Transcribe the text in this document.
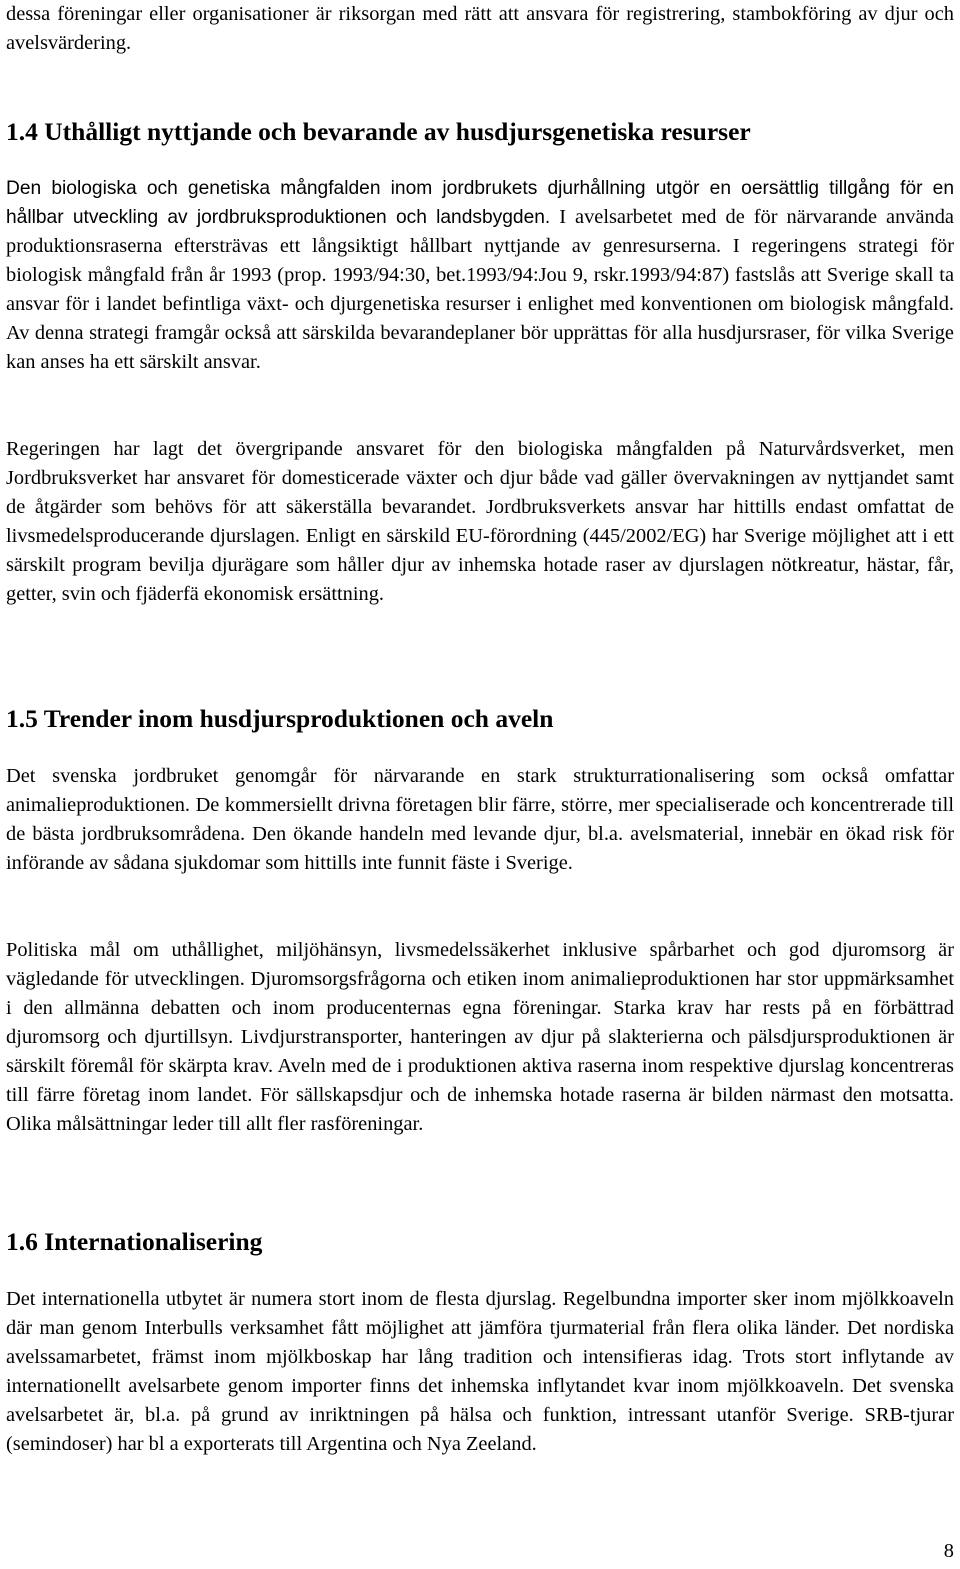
dessa föreningar eller organisationer är riksorgan med rätt att ansvara för registrering, stambokföring av djur och avelsvärdering.

1.4 Uthålligt nyttjande och bevarande av husdjursgenetiska resurser

Den biologiska och genetiska mångfalden inom jordbrukets djurhållning utgör en oersättlig tillgång för en hållbar utveckling av jordbruksproduktionen och landsbygden. I avelsarbetet med de för närvarande använda produktionsraserna eftersträvas ett långsiktigt hållbart nyttjande av genresurserna. I regeringens strategi för biologisk mångfald från år 1993 (prop. 1993/94:30, bet.1993/94:Jou 9, rskr.1993/94:87) fastslås att Sverige skall ta ansvar för i landet befintliga växt- och djurgenetiska resurser i enlighet med konventionen om biologisk mångfald. Av denna strategi framgår också att särskilda bevarandeplaner bör upprättas för alla husdjursraser, för vilka Sverige kan anses ha ett särskilt ansvar.

Regeringen har lagt det övergripande ansvaret för den biologiska mångfalden på Naturvårdsverket, men Jordbruksverket har ansvaret för domesticerade växter och djur både vad gäller övervakningen av nyttjandet samt de åtgärder som behövs för att säkerställa bevarandet. Jordbruksverkets ansvar har hittills endast omfattat de livsmedelsproducerande djurslagen. Enligt en särskild EU-förordning (445/2002/EG) har Sverige möjlighet att i ett särskilt program bevilja djurägare som håller djur av inhemska hotade raser av djurslagen nötkreatur, hästar, får, getter, svin och fjäderfä ekonomisk ersättning.

1.5 Trender inom husdjursproduktionen och aveln

Det svenska jordbruket genomgår för närvarande en stark strukturrationalisering som också omfattar animalieproduktionen. De kommersiellt drivna företagen blir färre, större, mer specialiserade och koncentrerade till de bästa jordbruksområdena. Den ökande handeln med levande djur, bl.a. avelsmaterial, innebär en ökad risk för införande av sådana sjukdomar som hittills inte funnit fäste i Sverige.

Politiska mål om uthållighet, miljöhänsyn, livsmedelssäkerhet inklusive spårbarhet och god djuromsorg är vägledande för utvecklingen. Djuromsorgsfrågorna och etiken inom animalieproduktionen har stor uppmärksamhet i den allmänna debatten och inom producenternas egna föreningar. Starka krav har rests på en förbättrad djuromsorg och djurtillsyn. Livdjurstransporter, hanteringen av djur på slakterierna och pälsdjursproduktionen är särskilt föremål för skärpta krav. Aveln med de i produktionen aktiva raserna inom respektive djurslag koncentreras till färre företag inom landet. För sällskapsdjur och de inhemska hotade raserna är bilden närmast den motsatta. Olika målsättningar leder till allt fler rasföreningar.

1.6 Internationalisering

Det internationella utbytet är numera stort inom de flesta djurslag. Regelbundna importer sker inom mjölkkoaveln där man genom Interbulls verksamhet fått möjlighet att jämföra tjurmaterial från flera olika länder. Det nordiska avelssamarbetet, främst inom mjölkboskap har lång tradition och intensifieras idag. Trots stort inflytande av internationellt avelsarbete genom importer finns det inhemska inflytandet kvar inom mjölkkoaveln. Det svenska avelsarbetet är, bl.a. på grund av inriktningen på hälsa och funktion, intressant utanför Sverige. SRB-tjurar (semindoser) har bl a exporterats till Argentina och Nya Zeeland.

8
